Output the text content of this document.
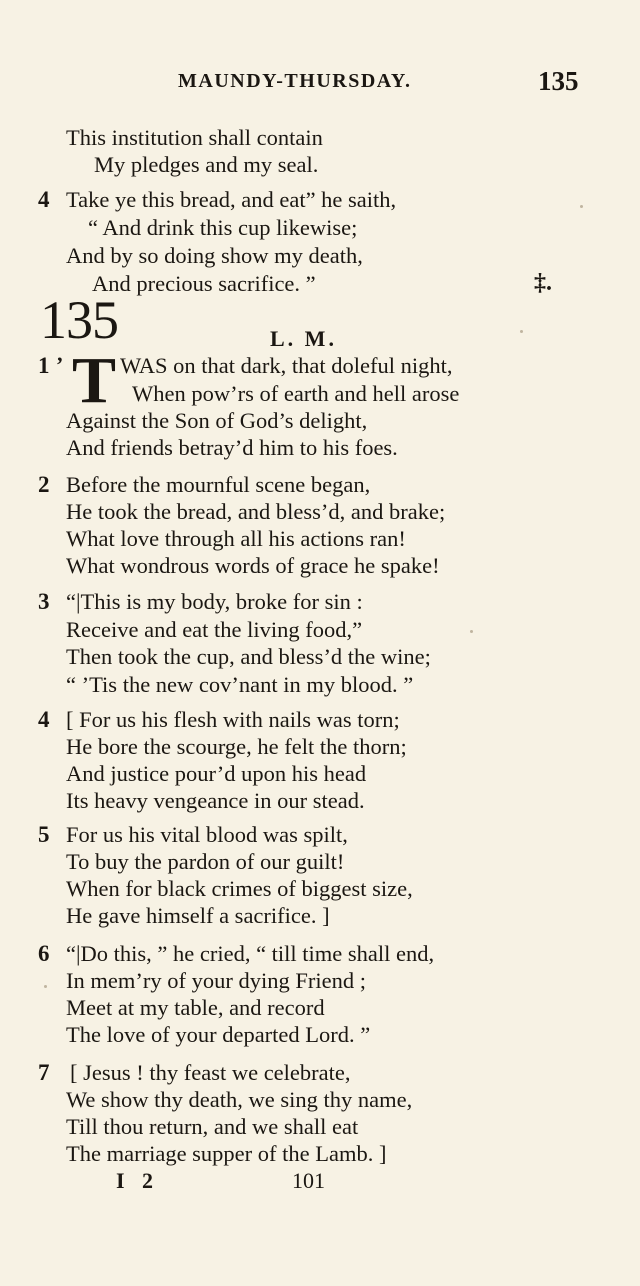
MAUNDY-THURSDAY.	135
This institution shall contain
My pledges and my seal.
4 Take ye this bread, and eat” he saith,
“ And drink this cup likewise;
And by so doing show my death,
And precious sacrifice. ”	‡.
135	L. M.
1 ’ T WAS on that dark, that doleful night,
When pow’rs of earth and hell arose
Against the Son of God’s delight,
And friends betray’d him to his foes.
2 Before the mournful scene began,
He took the bread, and bless’d, and brake;
What love through all his actions ran!
What wondrous words of grace he spake!
3 “|This is my body, broke for sin :
Receive and eat the living food,”
Then took the cup, and bless’d the wine;
“ ’Tis the new cov’nant in my blood. ”
4 [ For us his flesh with nails was torn;
He bore the scourge, he felt the thorn;
And justice pour’d upon his head
Its heavy vengeance in our stead.
5 For us his vital blood was spilt,
To buy the pardon of our guilt!
When for black crimes of biggest size,
He gave himself a sacrifice. ]
6 “|Do this, ” he cried, “ till time shall end,
In mem’ry of your dying Friend ;
Meet at my table, and record
The love of your departed Lord. ”
7 [ Jesus ! thy feast we celebrate,
We show thy death, we sing thy name,
Till thou return, and we shall eat
The marriage supper of the Lamb. ]
I 2	101
